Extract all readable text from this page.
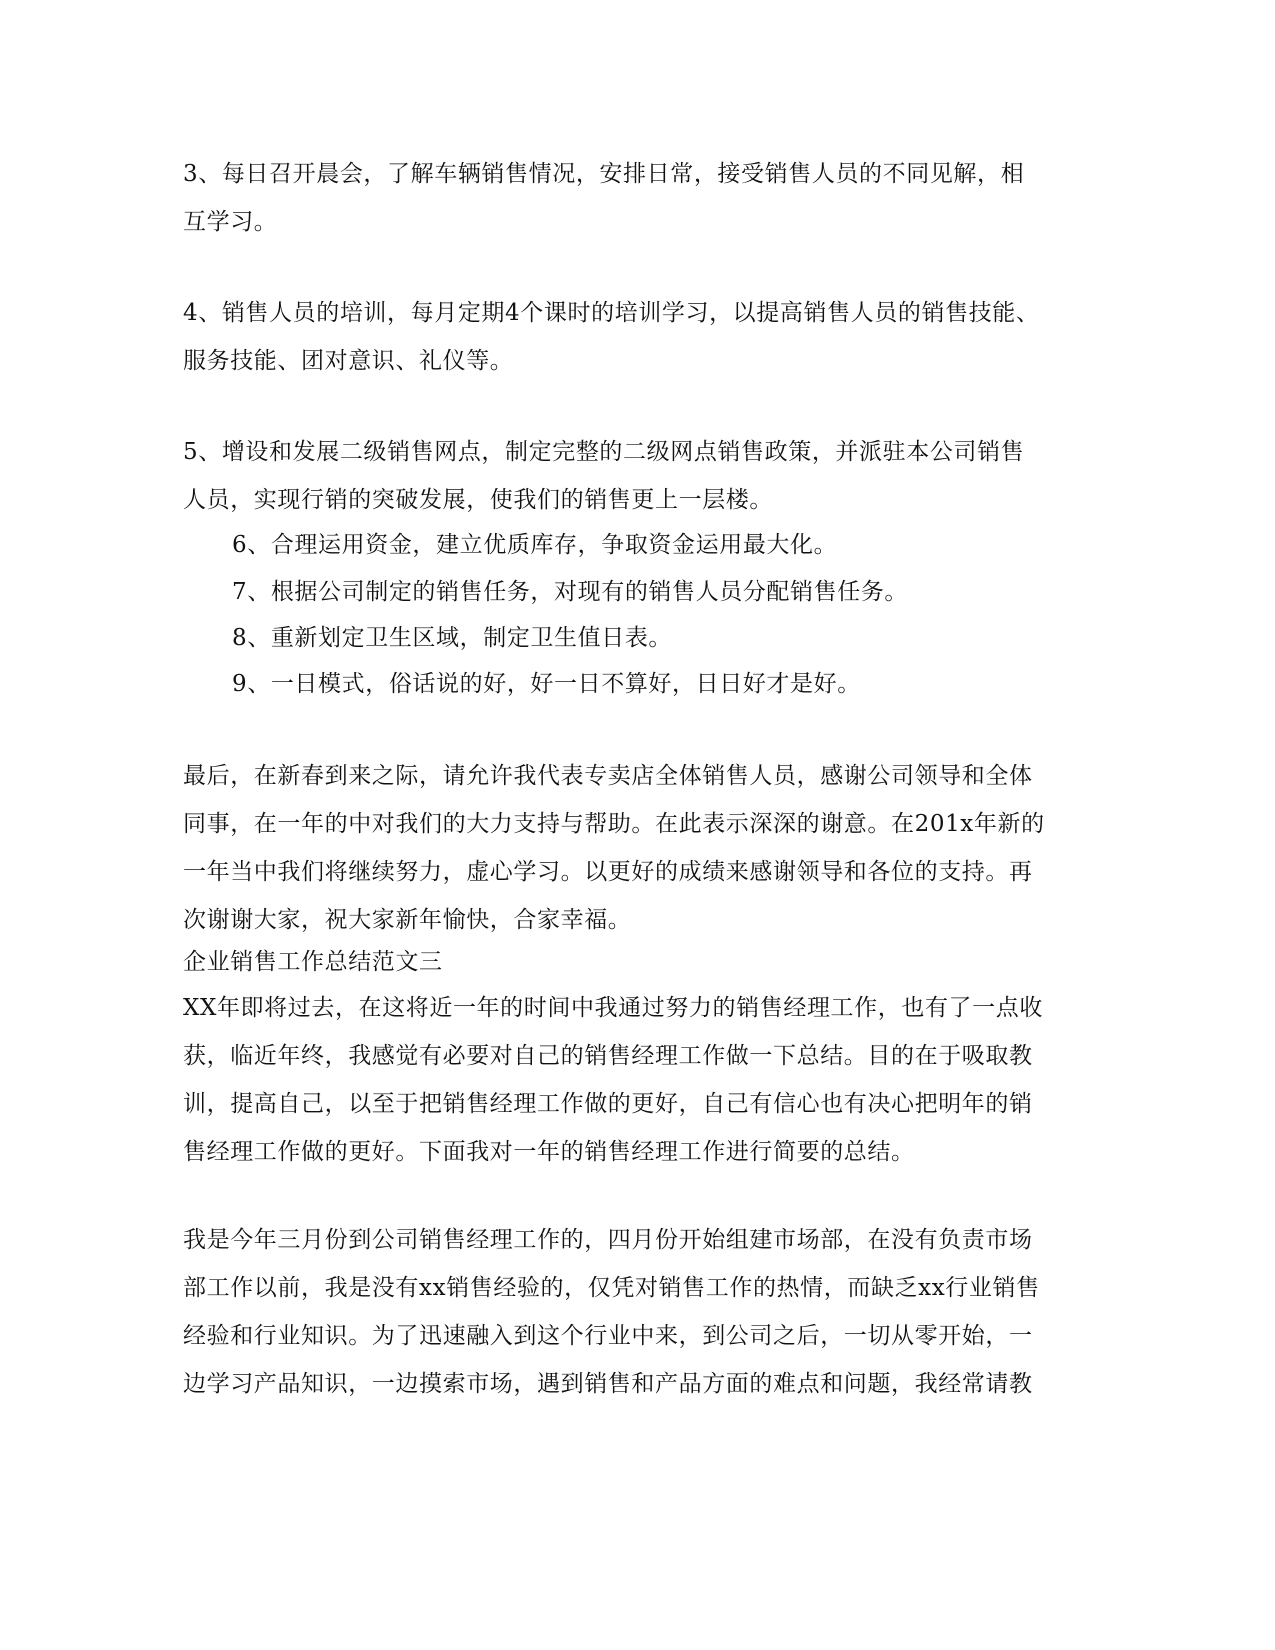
3、每日召开晨会，了解车辆销售情况，安排日常，接受销售人员的不同见解，相
互学习。

4、销售人员的培训，每月定期4个课时的培训学习，以提高销售人员的销售技能、
服务技能、团对意识、礼仪等。

5、增设和发展二级销售网点，制定完整的二级网点销售政策，并派驻本公司销售
人员，实现行销的突破发展，使我们的销售更上一层楼。

6、合理运用资金，建立优质库存，争取资金运用最大化。

7、根据公司制定的销售任务，对现有的销售人员分配销售任务。

8、重新划定卫生区域，制定卫生值日表。

9、一日模式，俗话说的好，好一日不算好，日日好才是好。

最后，在新春到来之际，请允许我代表专卖店全体销售人员，感谢公司领导和全体
同事，在一年的中对我们的大力支持与帮助。在此表示深深的谢意。在201x年新的
一年当中我们将继续努力，虚心学习。以更好的成绩来感谢领导和各位的支持。再
次谢谢大家，祝大家新年愉快，合家幸福。

企业销售工作总结范文三

XX年即将过去，在这将近一年的时间中我通过努力的销售经理工作，也有了一点收
获，临近年终，我感觉有必要对自己的销售经理工作做一下总结。目的在于吸取教
训，提高自己，以至于把销售经理工作做的更好，自己有信心也有决心把明年的销
售经理工作做的更好。下面我对一年的销售经理工作进行简要的总结。

我是今年三月份到公司销售经理工作的，四月份开始组建市场部，在没有负责市场
部工作以前，我是没有xx销售经验的，仅凭对销售工作的热情，而缺乏xx行业销售
经验和行业知识。为了迅速融入到这个行业中来，到公司之后，一切从零开始，一
边学习产品知识，一边摸索市场，遇到销售和产品方面的难点和问题，我经常请教
